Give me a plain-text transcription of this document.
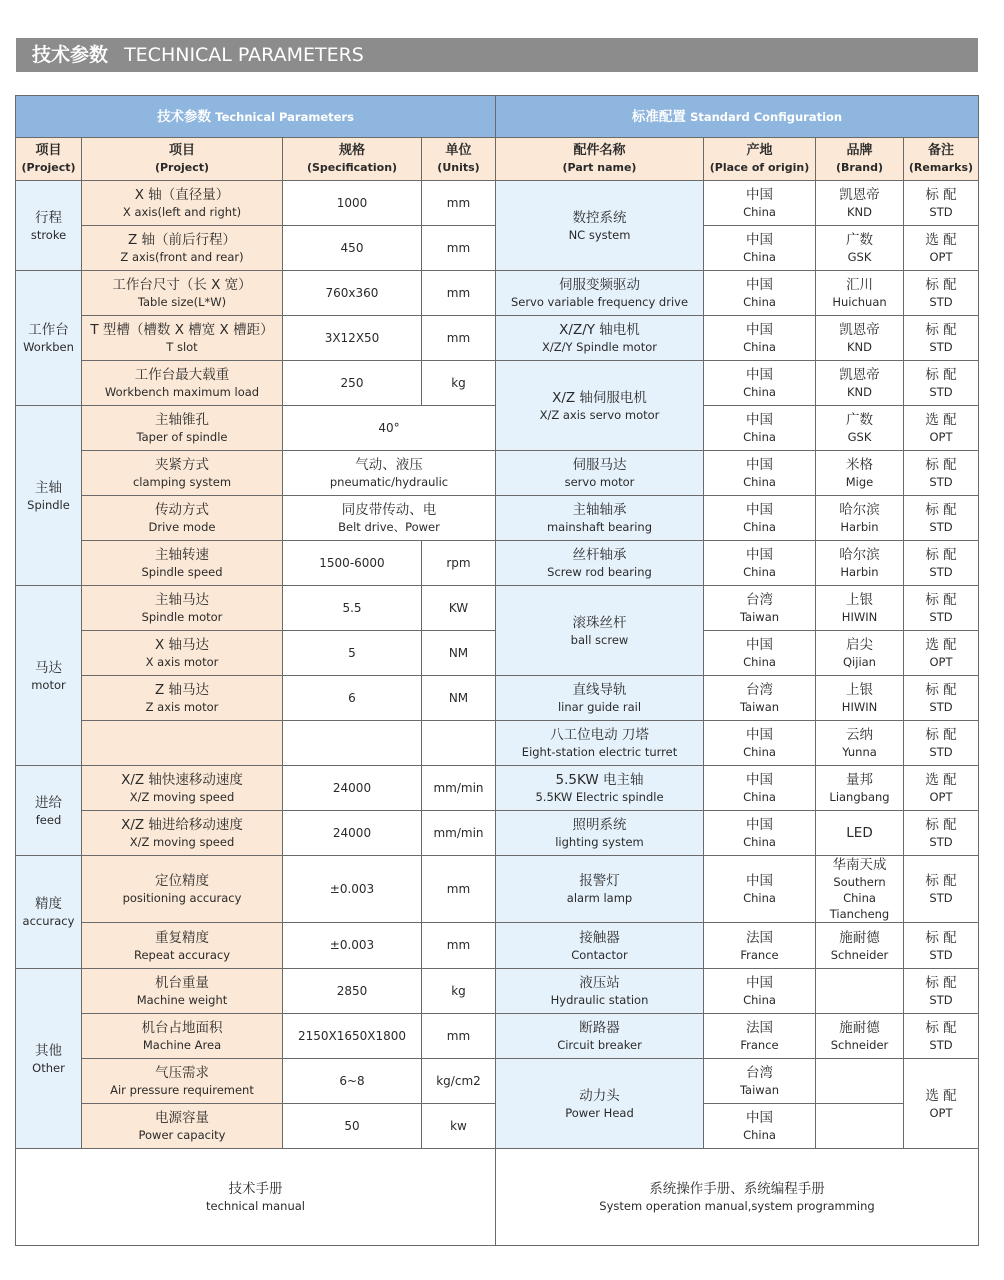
技术参数 TECHNICAL PARAMETERS
技术参数 Technical Parameters				标准配置 Standard Configuration			

项目
(Project)	项目
(Project)	规格
(Specification)	单位
(Units)	配件名称
(Part name)	产地
(Place of origin)	品牌
(Brand)	备注
(Remarks)

行程
stroke	X 轴（直径量）
X axis(left and right)	1000	mm	数控系统
NC system	中国
China	凯恩帝
KND	标 配
STD

	Z 轴（前后行程）
Z axis(front and rear)	450	mm		中国
China	广数
GSK	选 配
OPT

工作台
Workben	工作台尺寸（长 X 宽）
Table size(L*W)	760x360	mm	伺服变频驱动
Servo variable frequency drive	中国
China	汇川
Huichuan	标 配
STD

	T 型槽（槽数 X 槽宽 X 槽距）
T slot	3X12X50	mm	X/Z/Y 轴电机
X/Z/Y Spindle motor	中国
China	凯恩帝
KND	标 配
STD

	工作台最大载重
Workbench maximum load	250	kg	X/Z 轴伺服电机
X/Z axis servo motor	中国
China	凯恩帝
KND	标 配
STD

主轴
Spindle	主轴锥孔
Taper of spindle	40°			中国
China	广数
GSK	选 配
OPT

	夹紧方式
clamping system	气动、液压
pneumatic/hydraulic		伺服马达
servo motor	中国
China	米格
Mige	标 配
STD

	传动方式
Drive mode	同皮带传动、电
Belt drive、Power		主轴轴承
mainshaft bearing	中国
China	哈尔滨
Harbin	标 配
STD

	主轴转速
Spindle speed	1500-6000	rpm	丝杆轴承
Screw rod bearing	中国
China	哈尔滨
Harbin	标 配
STD

马达
motor	主轴马达
Spindle motor	5.5	KW	滚珠丝杆
ball screw	台湾
Taiwan	上银
HIWIN	标 配
STD

	X 轴马达
X axis motor	5	NM		中国
China	启尖
Qijian	选 配
OPT

	Z 轴马达
Z axis motor	6	NM	直线导轨
linar guide rail	台湾
Taiwan	上银
HIWIN	标 配
STD

				八工位电动 刀塔
Eight-station electric turret	中国
China	云纳
Yunna	标 配
STD

进给
feed	X/Z 轴快速移动速度
X/Z moving speed	24000	mm/min	5.5KW 电主轴
5.5KW Electric spindle	中国
China	量邦
Liangbang	选 配
OPT

	X/Z 轴进给移动速度
X/Z moving speed	24000	mm/min	照明系统
lighting system	中国
China	LED	标 配
STD

精度
accuracy	定位精度
positioning accuracy	±0.003	mm	报警灯
alarm lamp	中国
China	华南天成
Southern China
Tiancheng	标 配
STD

	重复精度
Repeat accuracy	±0.003	mm	接触器
Contactor	法国
France	施耐德
Schneider	标 配
STD

其他
Other	机台重量
Machine weight	2850	kg	液压站
Hydraulic station	中国
China		标 配
STD

	机台占地面积
Machine Area	2150X1650X1800	mm	断路器
Circuit breaker	法国
France	施耐德
Schneider	标 配
STD

	气压需求
Air pressure requirement	6~8	kg/cm2	动力头
Power Head	台湾
Taiwan		选 配
OPT

	电源容量
Power capacity	50	kw		中国
China		

技术手册
technical manual				系统操作手册、系统编程手册
System operation manual,system programming			
